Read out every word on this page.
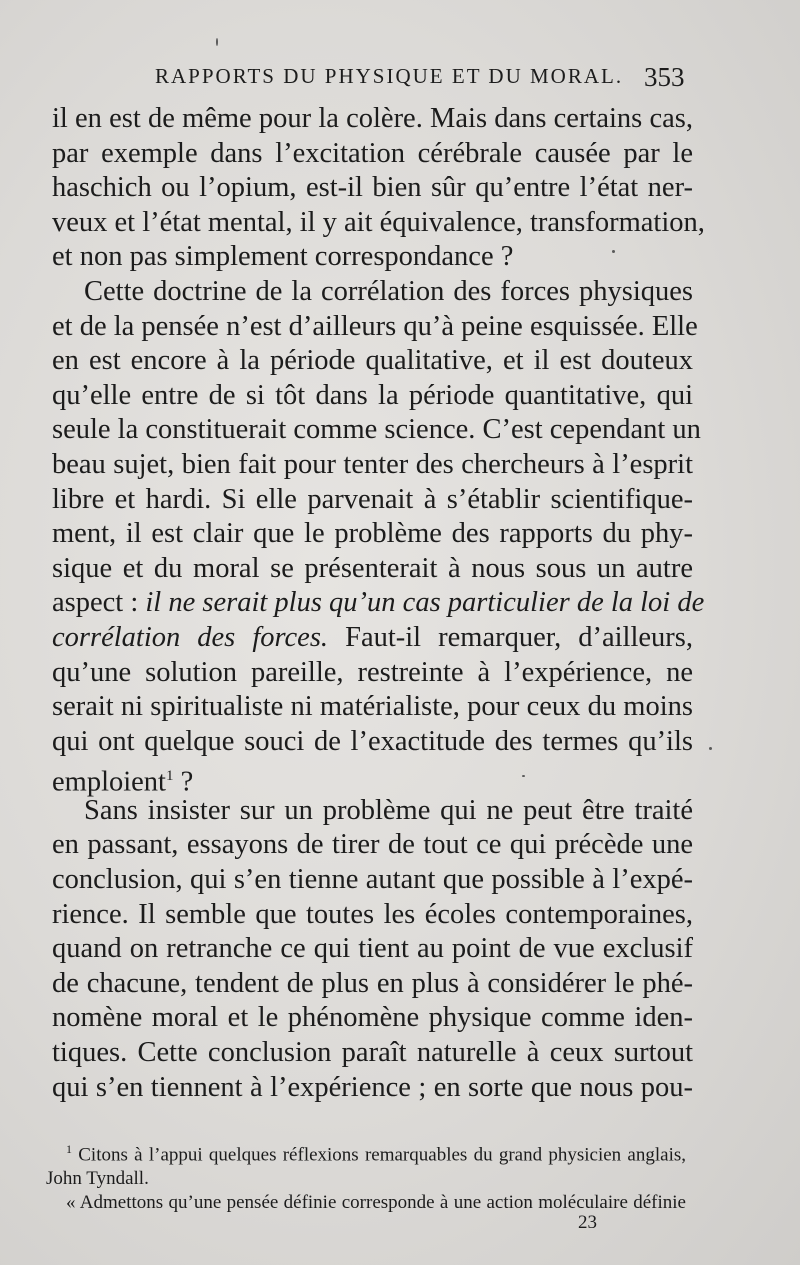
RAPPORTS DU PHYSIQUE ET DU MORAL. 353
il en est de même pour la colère. Mais dans certains cas,
par exemple dans l’excitation cérébrale causée par le
haschich ou l’opium, est-il bien sûr qu’entre l’état ner-
veux et l’état mental, il y ait équivalence, transformation,
et non pas simplement correspondance ?
Cette doctrine de la corrélation des forces physiques
et de la pensée n’est d’ailleurs qu’à peine esquissée. Elle
en est encore à la période qualitative, et il est douteux
qu’elle entre de si tôt dans la période quantitative, qui
seule la constituerait comme science. C’est cependant un
beau sujet, bien fait pour tenter des chercheurs à l’esprit
libre et hardi. Si elle parvenait à s’établir scientifique-
ment, il est clair que le problème des rapports du phy-
sique et du moral se présenterait à nous sous un autre
aspect : il ne serait plus qu’un cas particulier de la loi de
corrélation des forces. Faut-il remarquer, d’ailleurs,
qu’une solution pareille, restreinte à l’expérience, ne
serait ni spiritualiste ni matérialiste, pour ceux du moins
qui ont quelque souci de l’exactitude des termes qu’ils
emploient$^1$ ?
Sans insister sur un problème qui ne peut être traité
en passant, essayons de tirer de tout ce qui précède une
conclusion, qui s’en tienne autant que possible à l’expé-
rience. Il semble que toutes les écoles contemporaines,
quand on retranche ce qui tient au point de vue exclusif
de chacune, tendent de plus en plus à considérer le phé-
nomène moral et le phénomène physique comme iden-
tiques. Cette conclusion paraît naturelle à ceux surtout
qui s’en tiennent à l’expérience ; en sorte que nous pou-
$^1$ Citons à l’appui quelques réflexions remarquables du grand physicien anglais,
John Tyndall.
« Admettons qu’une pensée définie corresponde à une action moléculaire définie
23
